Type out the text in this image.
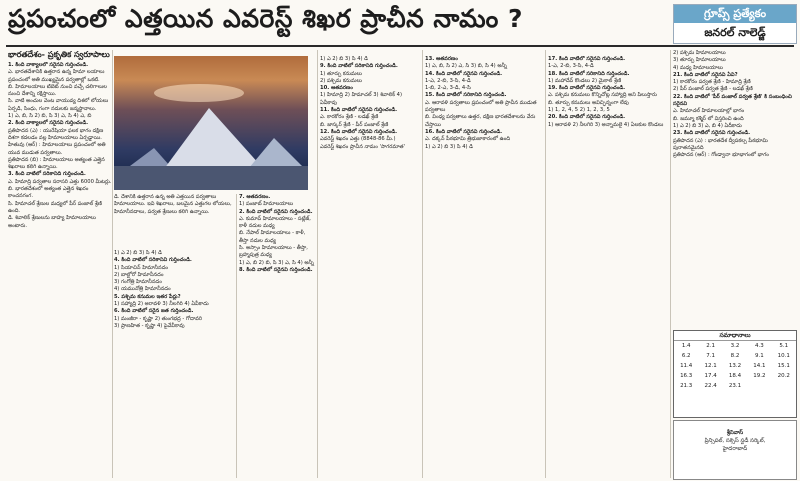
ప్రపంచంలో ఎత్తయిన ఎవరెస్ట్ శిఖర ప్రాచీన నామం ?	గ్రూప్స్ ప్రత్యేకం
జనరల్ నాలెడ్జ్
భారతదేశం- ప్రకృతిక స్వరూపాలు

1. కింది వాక్యాలలో సరైనవి గుర్తించండి.

ఎ. భారతదేశానికి ఉత్తరాన ఉన్న హిమా లయాలు ప్రపంచంలో అతి ముఖ్యమైన పర్వతాల్లో ఒకటి.

బి. హిమాలయాలు టిబెట్ నుంచి వచ్చే చలిగాలుల నుంచి దేశాన్ని రక్షిస్తాయి.

సి. వాటి అంచుల వెంట వాయువ్య దిశలో లోయలు ఏర్పడి, సింధు, గంగా నదులకు జన్మస్థానాలు.

1) ఎ, బి, సి 2) బి, సి 3) ఎ, సి 4) ఎ, బి

2. కింది వాక్యాలలో సరైనవి గుర్తించండి.

ప్రతిపాదన (ఎ) : యురేషియా ఫలక భాగం దక్షిణ దిశగా కదలడం వల్ల హిమాలయాలు ఏర్పడ్డాయి.

హేతువు (ఆర్) : హిమాలయాలు ప్రపంచంలో అతి యువ ముడుత పర్వతాలు.

ప్రతిపాదన (బి) : హిమాలయాలు అత్యంత ఎత్తైన శిఖరాలు కలిగి ఉన్నాయి.

3. కింది వాటిలో సరికానిది గుర్తించండి.

ఎ. హిమాద్రి పర్వతాల సరాసరి ఎత్తు 6000 మీటర్లు.

బి. భారతదేశంలో అత్యంత ఎత్తైన శిఖరం కాంచనగంగ.

సి. హిమాచల్ శ్రేణుల మధ్యలో పీర్ పంజాల్ శ్రేణి ఉంది.

డి. శివాలిక్ శ్రేణులను బాహ్య హిమాలయాలు అంటారు.

డి. దేశానికి ఉత్తరాన ఉన్న అతి ఎత్తయిన పర్వతాలు హిమాలయాలు. ఇవి శిఖరాలు, బలమైన ఎత్తుగల లోయలు, హిమానీనదాలు, పర్వత శ్రేణులు కలిగి ఉన్నాయి.

1) ఎ 2) బి 3) సి 4) డి

4. కింది వాటిలో సరికానివి గుర్తించండి.

1) సియాచిన్ హిమానీనదం

2) బాల్టోరో హిమానీనదం

3) గంగోత్రి హిమానీనదం

4) యమునోత్రి హిమానీనదం

5. పశ్చిమ కనుమల ఇతర పేర్లు?

1) సహ్యాద్రి 2) అరావళి 3) నీలగిరి 4) ఏవీకాదు

6. కింది వాటిలో సరైన జత గుర్తించండి.

1) మంజీరా - కృష్ణా 2) తుంగభద్ర - గోదావరి

3) ప్రాణహిత - కృష్ణా 4) పైవేవీకావు

7. ఆతవరణం.

1) పంజాబ్ హిమాలయాలు

2. కింది వాటిలో సరైనవి గుర్తించండి.

ఎ. కుమావ్ హిమాలయాలు - సట్లేజ్, కాళీ నదుల మధ్య

బి. నేపాల్ హిమాలయాలు - కాళీ, తీస్తా నదుల మధ్య

సి. అస్సాం హిమాలయాలు - తీస్తా, బ్రహ్మపుత్ర మధ్య

1) ఎ, బి 2) బి, సి 3) ఎ, సి 4) అన్నీ

8. కింది వాటిలో సరైనవి గుర్తించండి.

1) ఎ 2) బి 3) సి 4) డి

9. కింది వాటిలో సరికానిది గుర్తించండి.

1) తూర్పు కనుమలు

2) పశ్చిమ కనుమలు

10. ఆతవరణం

1) హిమాద్రి 2) హిమాచల్ 3) శివాలిక్ 4) ఏవీకావు

11. కింది వాటిలో సరైనవి గుర్తించండి.

ఎ. కారకోరం శ్రేణి - లడఖ్ శ్రేణి

బి. జాస్కర్ శ్రేణి - పీర్ పంజాల్ శ్రేణి

12. కింది వాటిలో సరైనవి గుర్తించండి.

ఎవరెస్ట్ శిఖరం ఎత్తు (8848-86 మీ.)

ఎవరెస్ట్ శిఖరం ప్రాచీన నామం 'సాగరమాత'

13. ఆతవరణం

1) ఎ, బి, సి 2) ఎ, సి 3) బి, సి 4) అన్నీ

14. కింది వాటిలో సరైనవి గుర్తించండి.

1-ఎ, 2-బి, 3-సి, 4-డి

1-బి, 2-ఎ, 3-డి, 4-సి

15. కింది వాటిలో సరికానిది గుర్తించండి.

ఎ. ఆరావళి పర్వతాలు ప్రపంచంలో అతి ప్రాచీన ముడుత పర్వతాలు

బి. వింధ్య పర్వతాలు ఉత్తర, దక్షిణ భారతదేశాలను వేరు చేస్తాయి

16. కింది వాటిలో సరైనవి గుర్తించండి.

ఎ. దక్కన్ పీఠభూమి త్రిభుజాకారంలో ఉంది

1) ఎ 2) బి 3) సి 4) డి

17. కింది వాటిలో సరైనవి గుర్తించండి.

1-ఎ, 2-బి, 3-సి, 4-డి

18. కింది వాటిలో సరికానిది గుర్తించండి.

1) మహాదేవ్ కొండలు 2) మైకాల్ శ్రేణి

19. కింది వాటిలో సరైనవి గుర్తించండి.

ఎ. పశ్చిమ కనుమలు కొన్నిచోట్ల సహ్యాద్రి అని పిలుస్తారు

బి. తూర్పు కనుమలు అవిచ్ఛిన్నంగా లేవు

1) 1, 2, 4, 5 2) 1, 2, 3, 5

20. కింది వాటిలో సరైనవి గుర్తించండి.

1) ఆరావళి 2) నీలగిరి 3) అన్నామలై 4) ఏలకుల కొండలు

2) పశ్చిమ హిమాలయాలు

3) తూర్పు హిమాలయాలు

4) మధ్య హిమాలయాలు

21. కింది వాటిలో సరైనవి ఏవి?

1) కారకోరం పర్వత శ్రేణి - హిమాద్రి శ్రేణి

2) పీర్ పంజాల్ పర్వత శ్రేణి - లడఖ్ శ్రేణి

22. కింది వాటిలో 'పీర్ పంజాల్ పర్వత శ్రేణి' కి సంబంధించి సరైనవి

ఎ. హిమాచల్ హిమాలయాల్లో భాగం

బి. జమ్మూ కశ్మీర్ లో విస్తరించి ఉంది

1) ఎ 2) బి 3) ఎ, బి 4) ఏదీకాదు

23. కింది వాటిలో సరైనవి గుర్తించండి.

ప్రతిపాదన (ఎ) : భారతదేశ ద్వీపకల్ప పీఠభూమి పురాతనమైనది

ప్రతిపాదన (ఆర్) : గోండ్వానా భూభాగంలో భాగం

సమాధానాలు
1.4	2.1	3.2	4.3	5.1
6.2	7.1	8.2	9.1	10.1
11.4	12.1	13.2	14.1	15.1
16.3	17.4	18.4	19.2	20.2
21.3	22.4	23.1
శ్రీనివాస్
ప్రిన్సిపల్, సక్సెస్ స్టడీ సర్కిల్,
హైదరాబాద్
